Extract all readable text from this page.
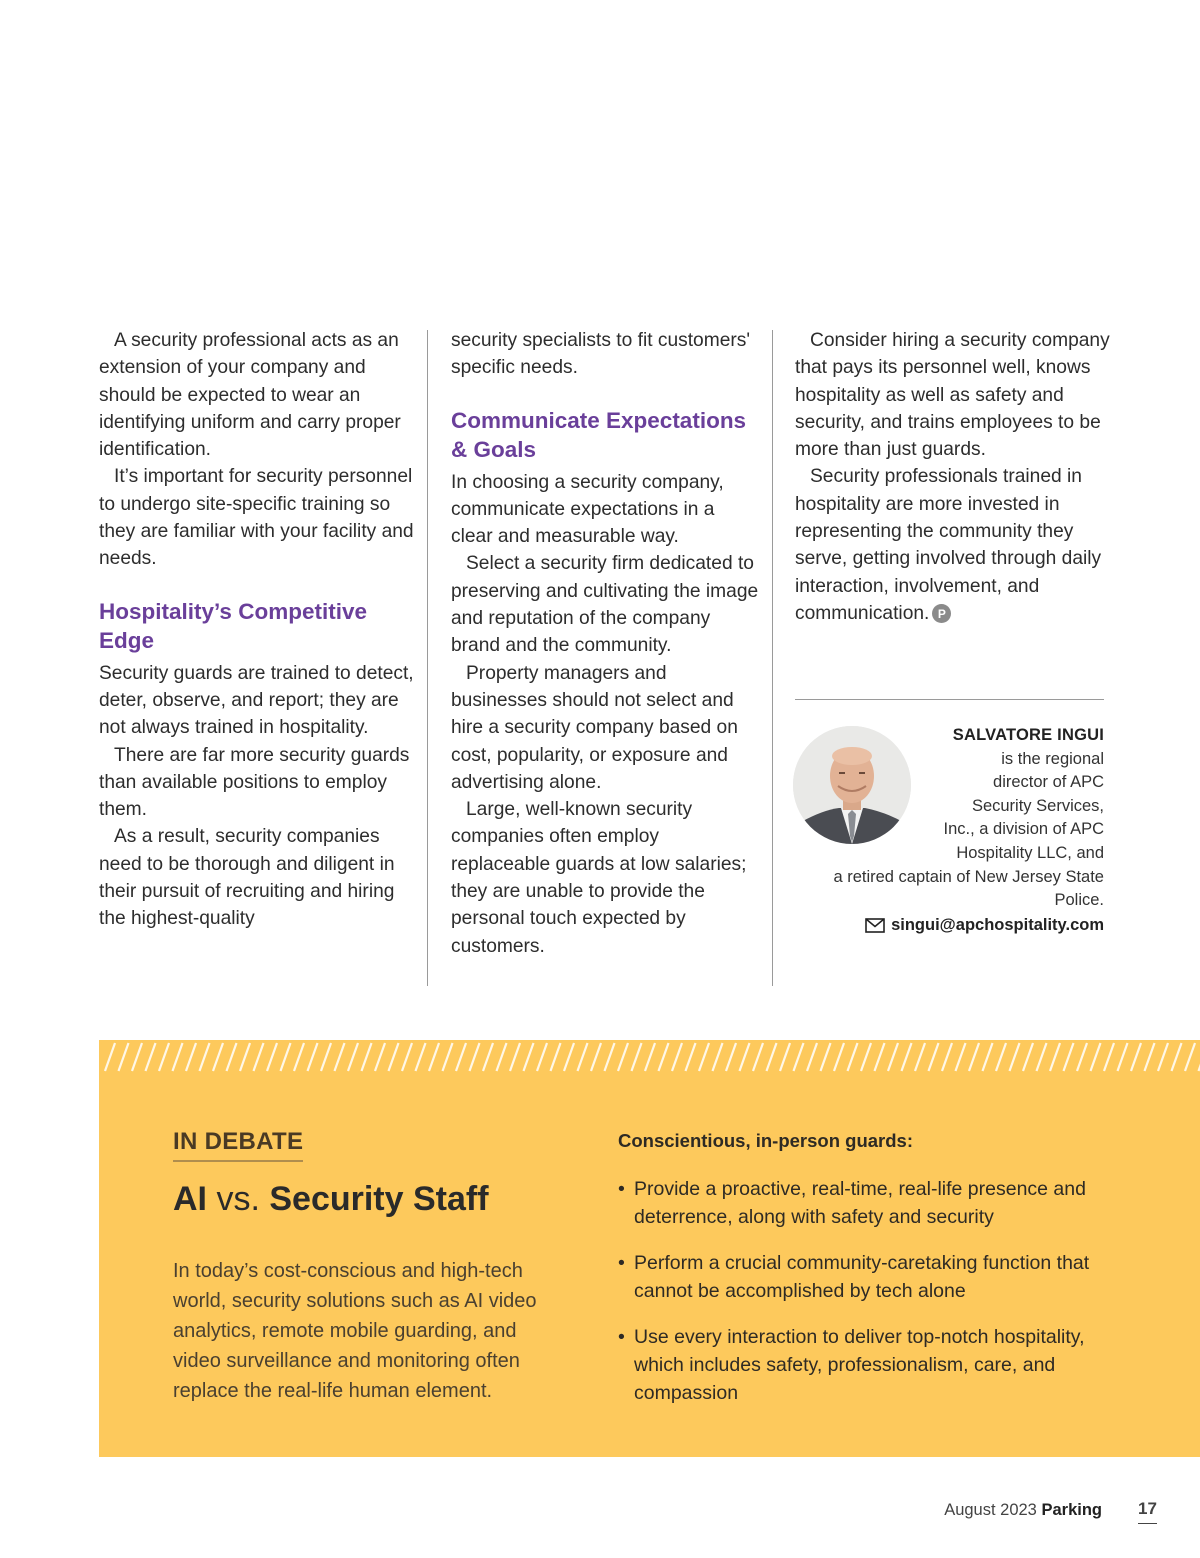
A security professional acts as an extension of your company and should be expected to wear an identifying uniform and carry proper identification.

It’s important for security personnel to undergo site-specific training so they are familiar with your facility and needs.

Hospitality’s Competitive Edge

Security guards are trained to detect, deter, observe, and report; they are not always trained in hospitality.

There are far more security guards than available positions to employ them.

As a result, security companies need to be thorough and diligent in their pursuit of recruiting and hiring the highest-quality

security specialists to fit customers' specific needs.

Communicate Expectations & Goals

In choosing a security company, communicate expectations in a clear and measurable way.

Select a security firm dedicated to preserving and cultivating the image and reputation of the company brand and the community.

Property managers and businesses should not select and hire a security company based on cost, popularity, or exposure and advertising alone.

Large, well-known security companies often employ replaceable guards at low salaries; they are unable to provide the personal touch expected by customers.

Consider hiring a security company that pays its personnel well, knows hospitality as well as safety and security, and trains employees to be more than just guards.

Security professionals trained in hospitality are more invested in representing the community they serve, getting involved through daily interaction, involvement, and communication. P

SALVATORE INGUI
is the regional
director of APC
Security Services,
Inc., a division of APC
Hospitality LLC, and
a retired captain of New Jersey State
Police.
singui@apchospitality.com
IN DEBATE
AI vs. Security Staff

In today’s cost-conscious and high-tech world, security solutions such as AI video analytics, remote mobile guarding, and video surveillance and monitoring often replace the real-life human element.

Conscientious, in-person guards:
• Provide a proactive, real-time, real-life presence and deterrence, along with safety and security
• Perform a crucial community-caretaking function that cannot be accomplished by tech alone
• Use every interaction to deliver top-notch hospitality, which includes safety, professionalism, care, and compassion
August 2023 Parking 17
